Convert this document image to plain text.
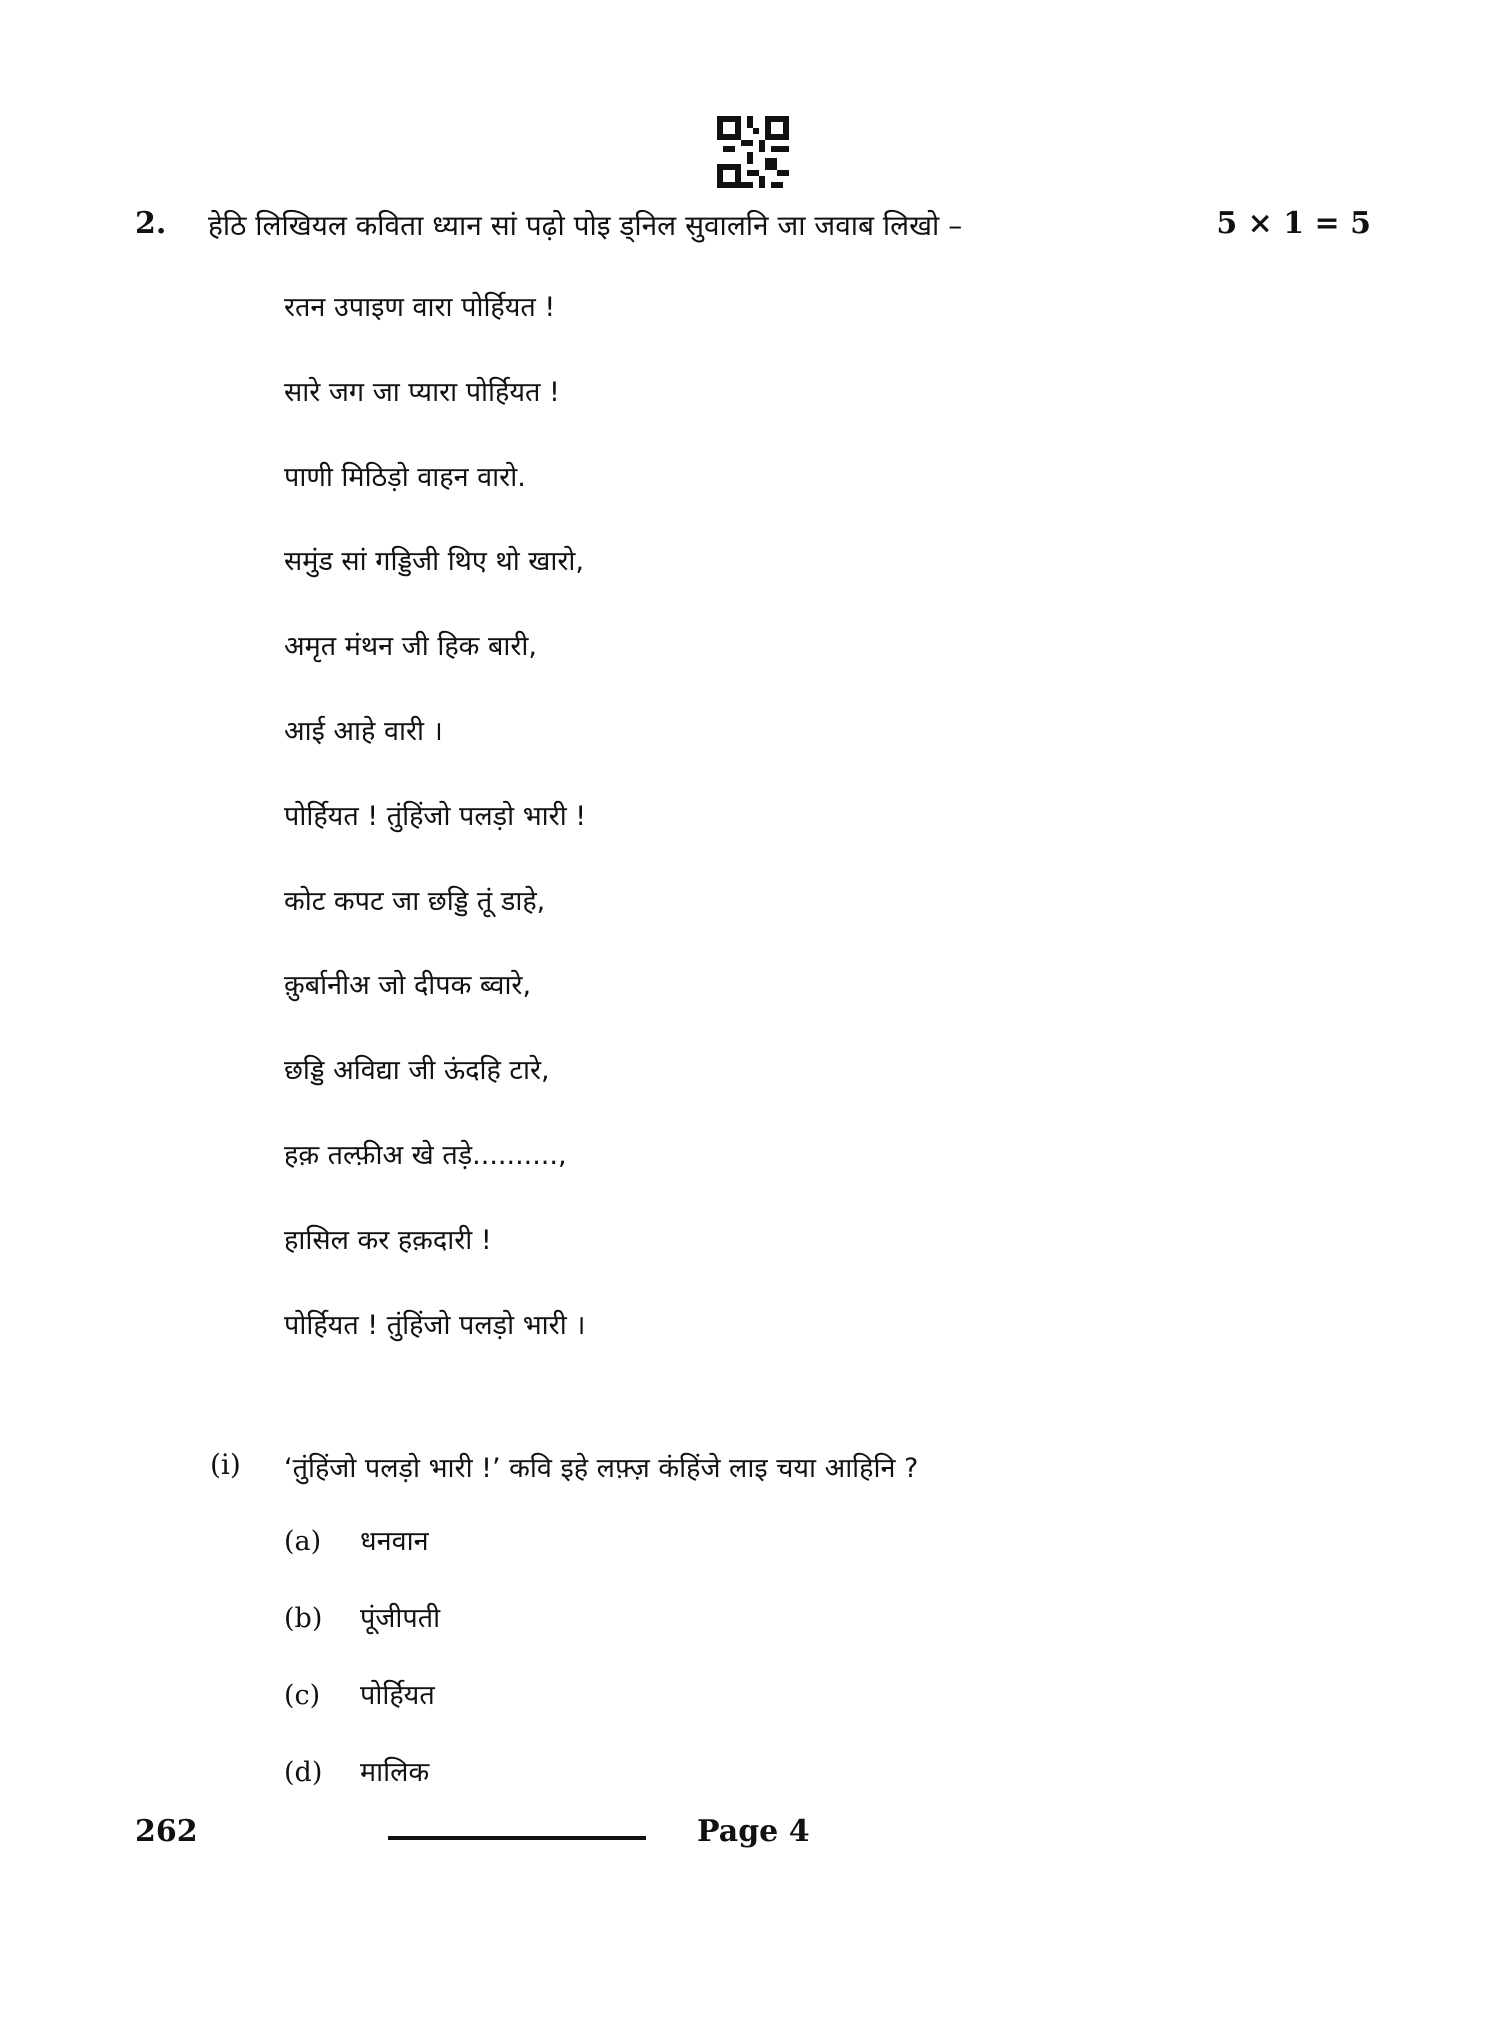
2. हेठि लिखियल कविता ध्यान सां पढ़ो पोइ ड्निल सुवालनि जा जवाब लिखो –	5 × 1 = 5
रतन उपाइण वारा पोर्हियत !
सारे जग जा प्यारा पोर्हियत !
पाणी मिठिड़ो वाहन वारो.
समुंड सां गड्डिजी थिए थो खारो,
अमृत मंथन जी हिक बारी,
आई आहे वारी ।
पोर्हियत ! तुंहिंजो पलड़ो भारी !
कोट कपट जा छड्डि तूं डाहे,
क़ुर्बानीअ जो दीपक ब्वारे,
छड्डि अविद्या जी ऊंदहि टारे,
हक़ तल्फ़ीअ खे तड़े..........,
हासिल कर हक़दारी !
पोर्हियत ! तुंहिंजो पलड़ो भारी ।
(i) ‘तुंहिंजो पलड़ो भारी !’ कवि इहे लफ़्ज़ कंहिंजे लाइ चया आहिनि ?
(a) धनवान
(b) पूंजीपती
(c) पोर्हियत
(d) मालिक
262	Page 4
